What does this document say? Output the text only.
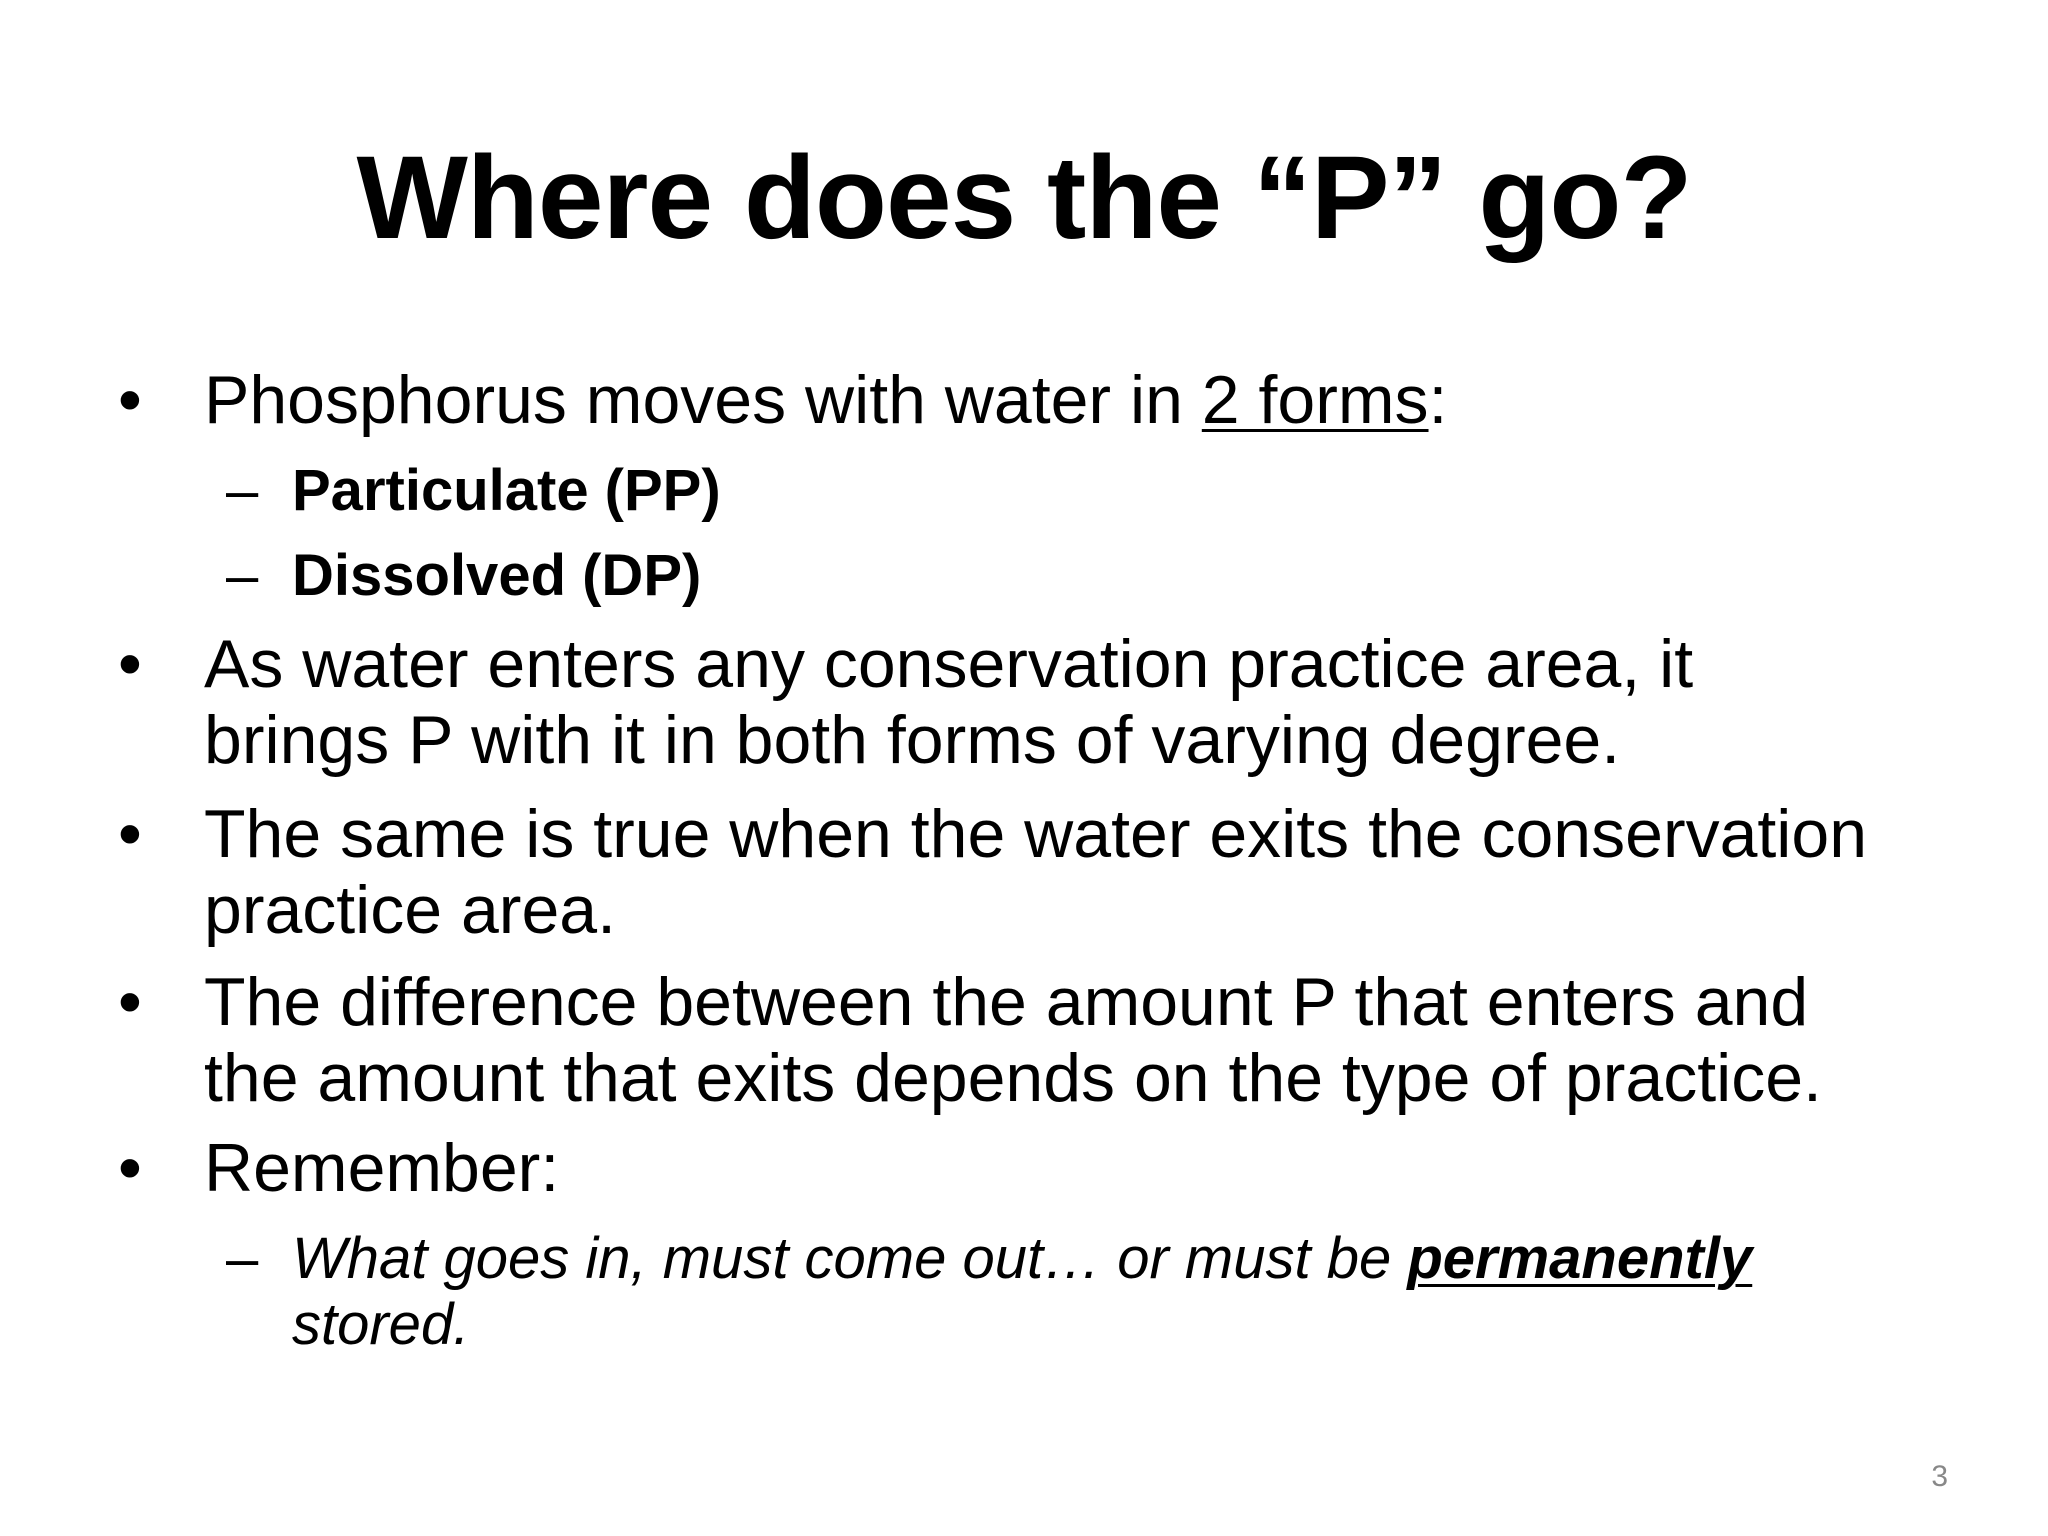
Where does the “P” go?
• Phosphorus moves with water in 2 forms:
– Particulate (PP)
– Dissolved (DP)
• As water enters any conservation practice area, it
brings P with it in both forms of varying degree.
• The same is true when the water exits the conservation
practice area.
• The difference between the amount P that enters and
the amount that exits depends on the type of practice.
• Remember:
– What goes in, must come out… or must be permanently
stored.
3
